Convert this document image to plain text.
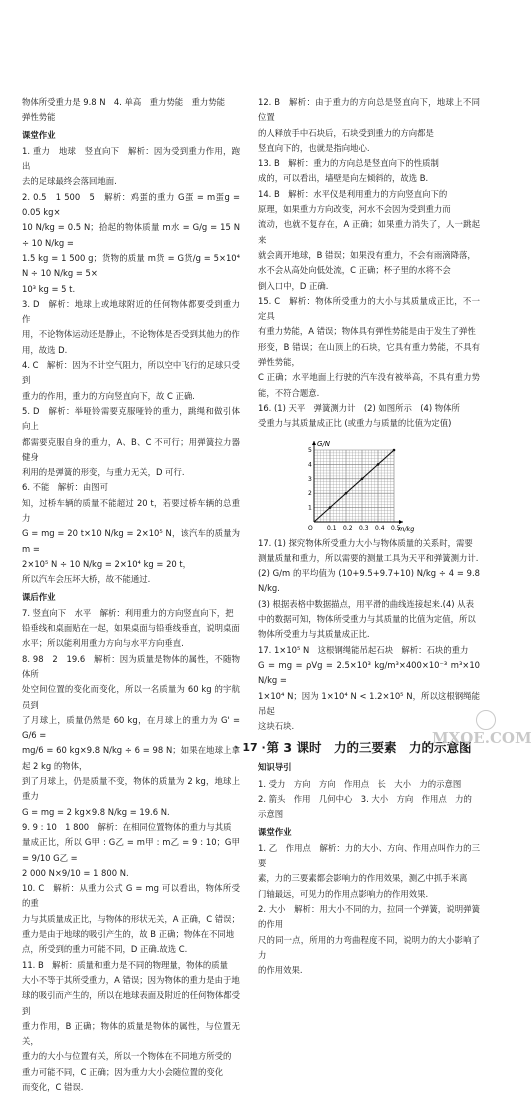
物体所受重力是 9.8 N　4. 单高　重力势能　重力势能

弹性势能

课堂作业

1. 重力　地球　竖直向下　解析：因为受到重力作用，跑出

去的足球最终会落回地面.

2. 0.5　1 500　5　解析：鸡蛋的重力 G蛋 = m蛋g = 0.05 kg×

10 N/kg = 0.5 N；拾起的物体质量 m水 = G/g = 15 N ÷ 10 N/kg =

1.5 kg = 1 500 g；货物的质量 m货 = G货/g = 5×10⁴ N ÷ 10 N/kg = 5×

10³ kg = 5 t.

3. D　解析：地球上或地球附近的任何物体都要受到重力作

用，不论物体运动还是静止，不论物体是否受到其他力的作

用，故选 D.

4. C　解析：因为不计空气阻力，所以空中飞行的足球只受到

重力的作用，重力的方向竖直向下，故 C 正确.

5. D　解析：举哑铃需要克服哑铃的重力，跳绳和做引体向上

都需要克服自身的重力，A、B、C 不可行；用弹簧拉力器健身

利用的是弹簧的形变，与重力无关，D 可行.

6. 不能　解析：由图可

知，过桥车辆的质量不能超过 20 t，若要过桥车辆的总重力

G = mg = 20 t×10 N/kg = 2×10⁵ N，该汽车的质量为 m =

2×10⁵ N ÷ 10 N/kg = 2×10⁴ kg = 20 t，

所以汽车会压坏大桥，故不能通过.

课后作业

7. 竖直向下　水平　解析：利用重力的方向竖直向下，把

铅垂线和桌面贴在一起，如果桌面与铅垂线垂直，说明桌面

水平；所以能利用重力方向与水平方向垂直.

8. 98　2　19.6　解析：因为质量是物体的属性，不随物体所

处空间位置的变化而变化，所以一名质量为 60 kg 的宇航员到

了月球上，质量仍然是 60 kg，在月球上的重力为 G' = G/6 =

mg/6 = 60 kg×9.8 N/kg ÷ 6 = 98 N；如果在地球上拿起 2 kg 的物体，

到了月球上，仍是质量不变，物体的质量为 2 kg，地球上重力

G = mg = 2 kg×9.8 N/kg = 19.6 N.

9. 9 : 10　1 800　解析：在相同位置物体的重力与其质

量成正比，所以 G甲 : G乙 = m甲 : m乙 = 9 : 10；G甲 = 9/10 G乙 =

2 000 N×9/10 = 1 800 N.

10. C　解析：从重力公式 G = mg 可以看出，物体所受的重

力与其质量成正比，与物体的形状无关，A 正确，C 错误；

重力是由于地球的吸引产生的，故 B 正确；物体在不同地

点，所受到的重力可能不同，D 正确.故选 C.

11. B　解析：质量和重力是不同的物理量，物体的质量

大小不等于其所受重力，A 错误；因为物体的重力是由于地

球的吸引而产生的，所以在地球表面及附近的任何物体都受到

重力作用，B 正确；物体的质量是物体的属性，与位置无关，

重力的大小与位置有关，所以一个物体在不同地方所受的

重力可能不同，C 正确；因为重力大小会随位置的变化

而变化，C 错误.

12. B　解析：由于重力的方向总是竖直向下，地球上不同位置

的人释放手中石块后，石块受到重力的方向都是

竖直向下的，也就是指向地心.

13. B　解析：重力的方向总是竖直向下的性质制

成的，可以看出，墙壁是向左倾斜的，故选 B.

14. B　解析：水平仪是利用重力的方向竖直向下的

原理，如果重力方向改变，河水不会因为受到重力而

流动，也就不复存在，A 正确；如果重力消失了，人一跳起来

就会离开地球，B 错误；如果没有重力，不会有雨滴降落，

水不会从高处向低处流，C 正确；杯子里的水将不会

倒入口中，D 正确.

15. C　解析：物体所受重力的大小与其质量成正比，不一定具

有重力势能，A 错误；物体具有弹性势能是由于发生了弹性

形变，B 错误；在山顶上的石块，它具有重力势能，不具有弹性势能，

C 正确；水平地面上行驶的汽车没有被举高，不具有重力势能，不符合题意.

16. (1) 天平　弹簧测力计　(2) 如图所示　(4) 物体所

受重力与其质量成正比 (或重力与质量的比值为定值)

G/N
m/kg
O 0.1 0.2 0.3 0.4 0.5
1
2
3
4
5

17. (1) 探究物体所受重力大小与物体质量的关系时，需要

测量质量和重力，所以需要的测量工具为天平和弹簧测力计.

(2) G/m 的平均值为 (10+9.5+9.7+10) N/kg ÷ 4 = 9.8 N/kg.

(3) 根据表格中数据描点，用平滑的曲线连接起来.(4) 从表

中的数据可知，物体所受重力与其质量的比值为定值，所以

物体所受重力与其质量成正比.

17. 1×10⁵ N　这根钢绳能吊起石块　解析：石块的重力

G = mg = ρVg = 2.5×10³ kg/m³×400×10⁻³ m³×10 N/kg =

1×10⁴ N；因为 1×10⁴ N < 1.2×10⁵ N，所以这根钢绳能吊起

这块石块.

第 3 课时　力的三要素　力的示意图

知识导引

1. 受力　方向　方向　作用点　长　大小　力的示意图

2. 箭头　作用　几何中心　3. 大小　方向　作用点　力的

示意图

课堂作业

1. 乙　作用点　解析：力的大小、方向、作用点叫作力的三要

素，力的三要素都会影响力的作用效果，测乙中抓手米离

门轴最远，可见力的作用点影响力的作用效果.

2. 大小　解析：用大小不同的力，拉同一个弹簧，说明弹簧的作用

尺的同一点，所用的力弯曲程度不同，说明力的大小影响了力

的作用效果.

· 17 ·
MXQE.COM
